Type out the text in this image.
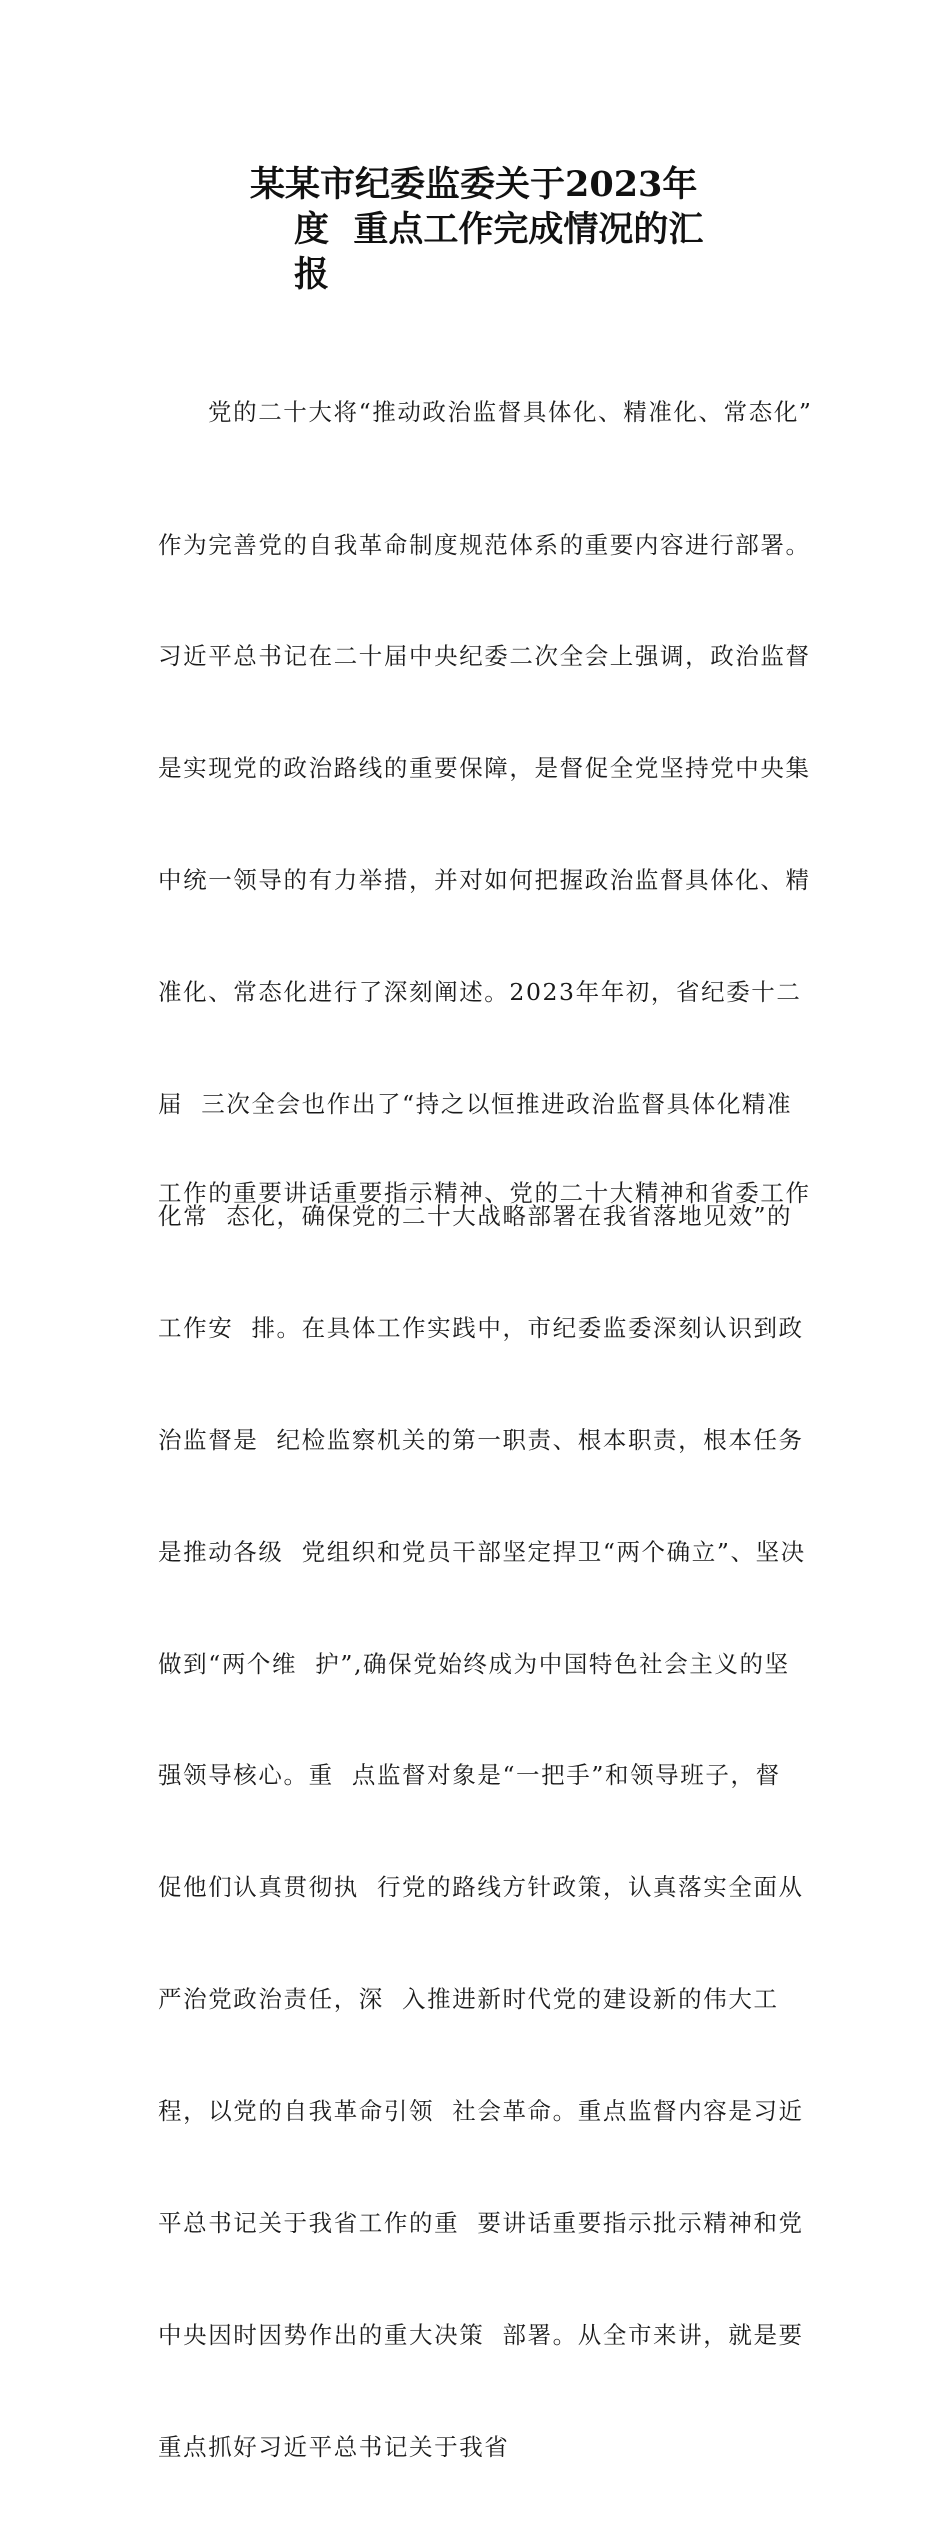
某某市纪委监委关于2023年
度  重点工作完成情况的汇
报

党的二十大将“推动政治监督具体化、精准化、常态化”

作为完善党的自我革命制度规范体系的重要内容进行部署。

习近平总书记在二十届中央纪委二次全会上强调，政治监督

是实现党的政治路线的重要保障，是督促全党坚持党中央集

中统一领导的有力举措，并对如何把握政治监督具体化、精

准化、常态化进行了深刻阐述。2023年年初，省纪委十二

届  三次全会也作出了“持之以恒推进政治监督具体化精准

化常  态化，确保党的二十大战略部署在我省落地见效”的

工作安  排。在具体工作实践中，市纪委监委深刻认识到政

治监督是  纪检监察机关的第一职责、根本职责，根本任务

是推动各级  党组织和党员干部坚定捍卫“两个确立”、坚决

做到“两个维  护”,确保党始终成为中国特色社会主义的坚

强领导核心。重  点监督对象是“一把手”和领导班子，督

促他们认真贯彻执  行党的路线方针政策，认真落实全面从

严治党政治责任，深  入推进新时代党的建设新的伟大工

程，以党的自我革命引领  社会革命。重点监督内容是习近

平总书记关于我省工作的重  要讲话重要指示批示精神和党

中央因时因势作出的重大决策  部署。从全市来讲，就是要

重点抓好习近平总书记关于我省

工作的重要讲话重要指示精神、党的二十大精神和省委工作
